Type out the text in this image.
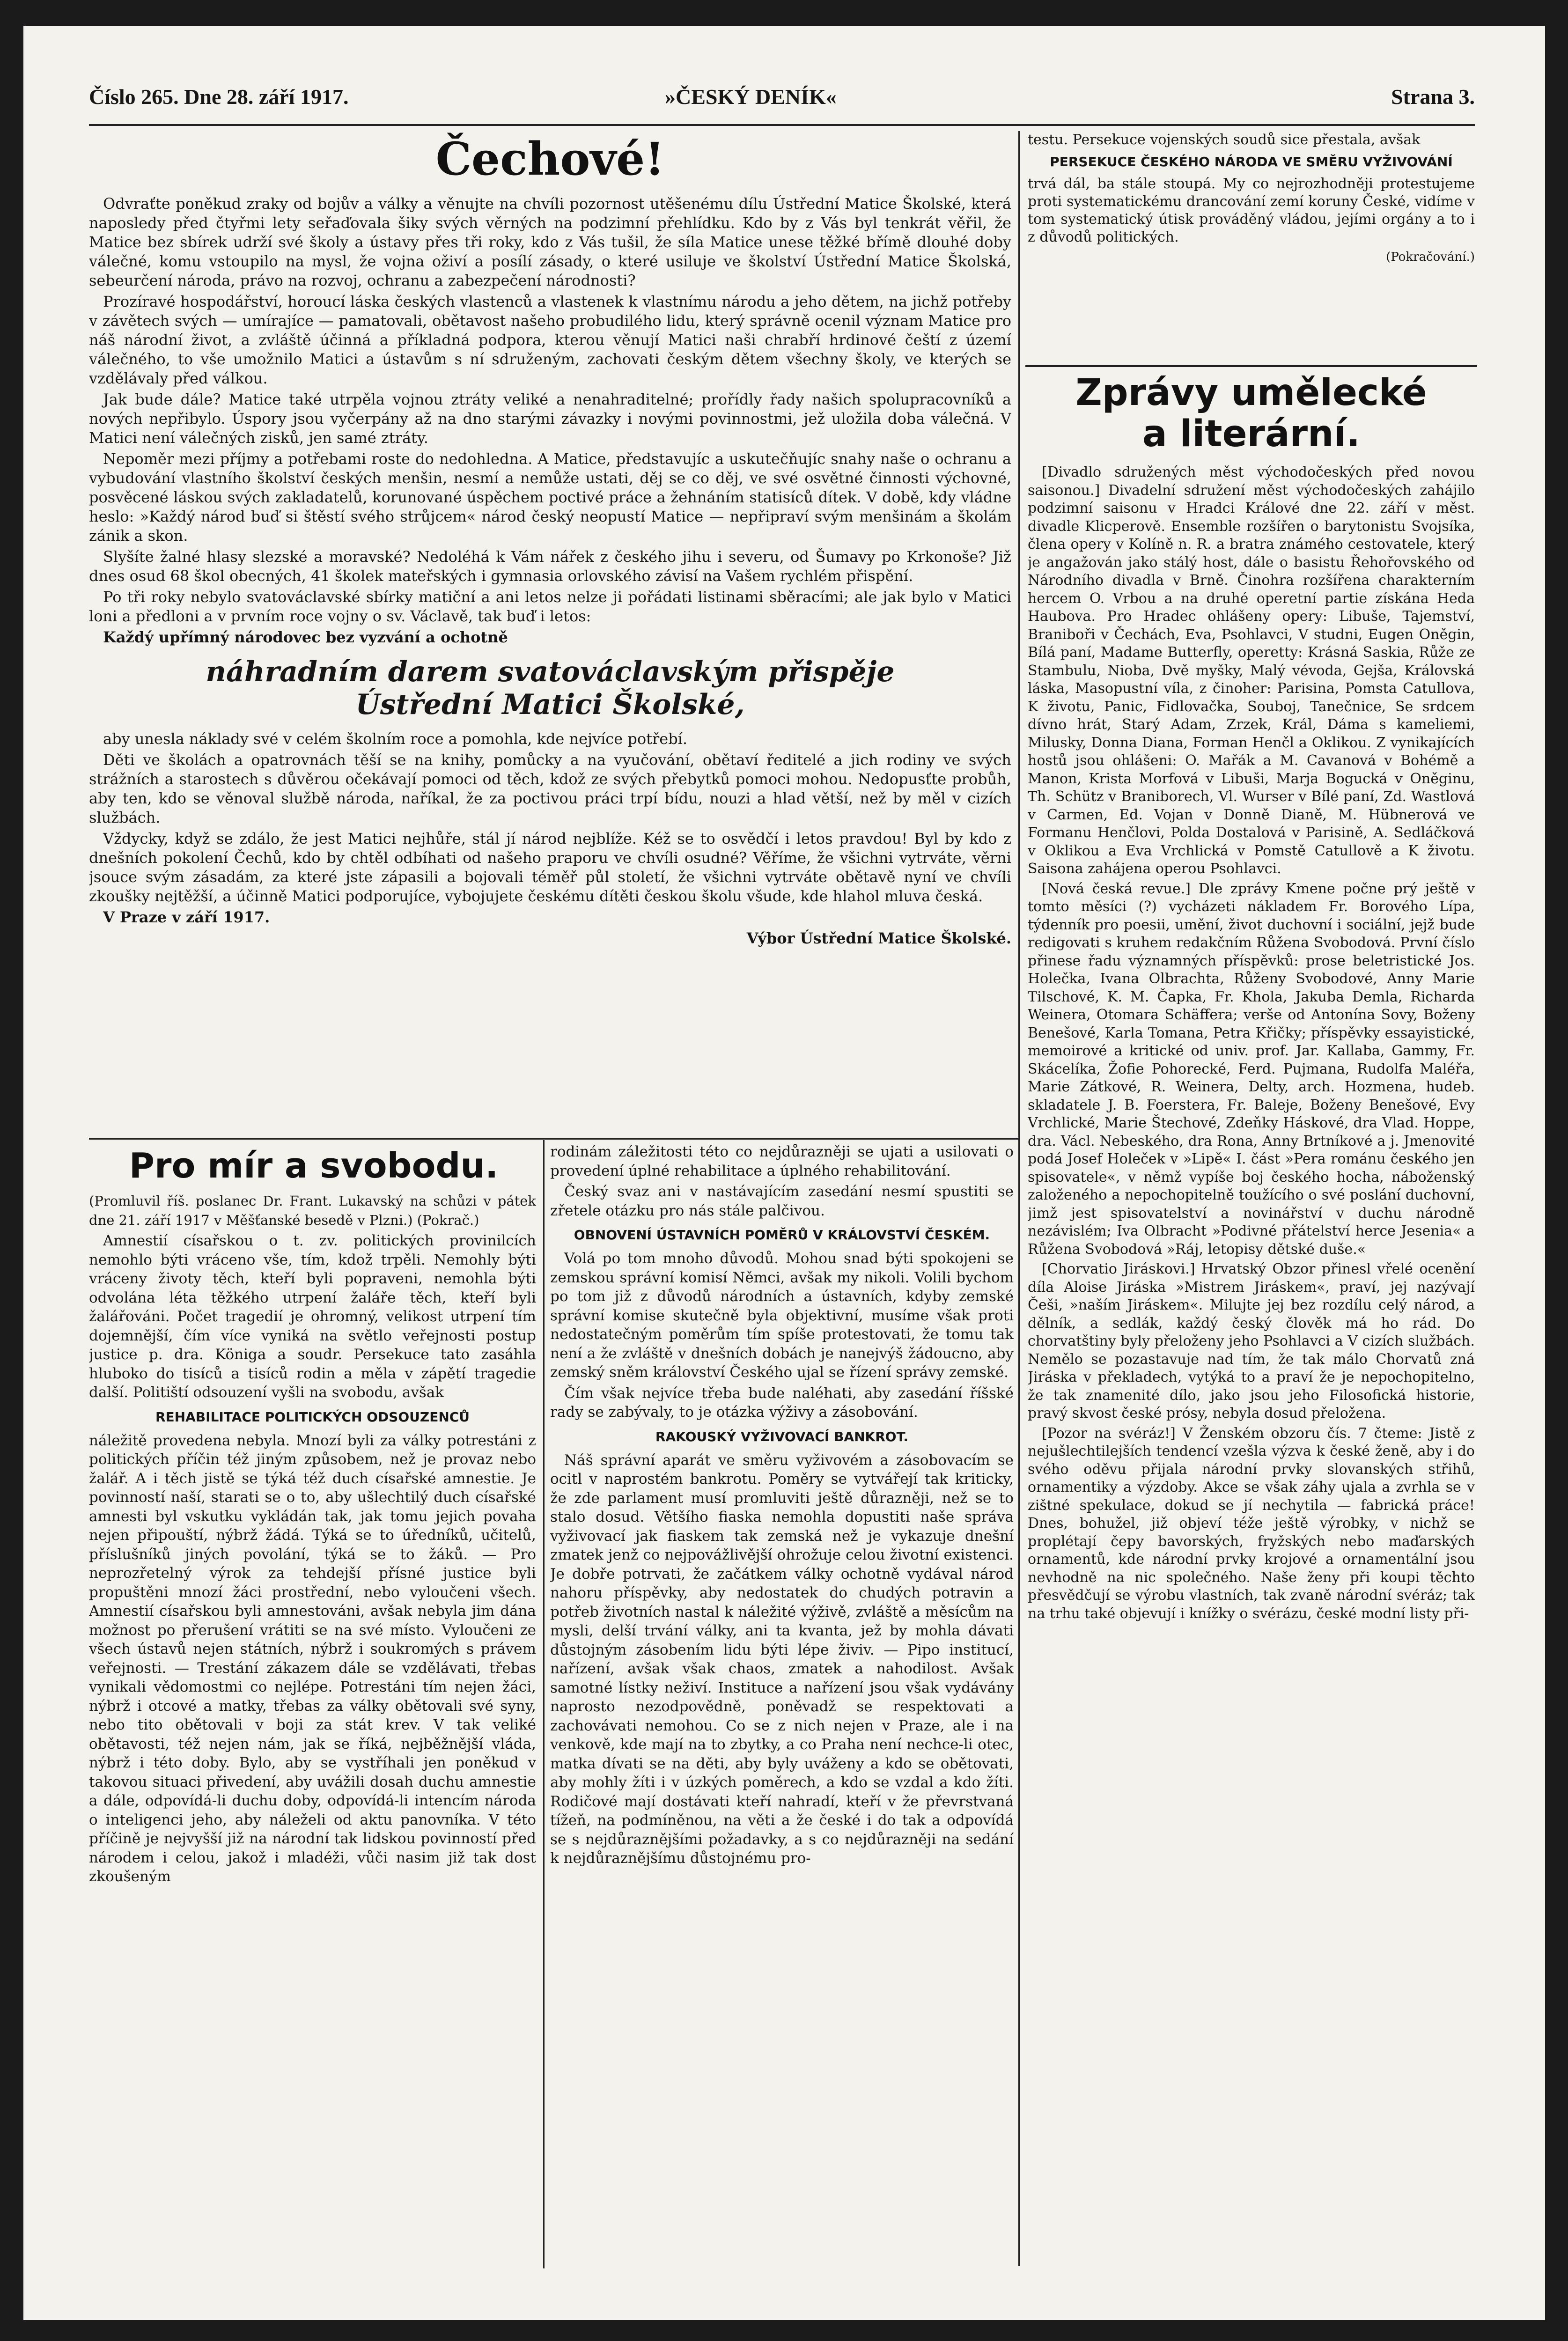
Číslo 265. Dne 28. září 1917.	»ČESKÝ DENÍK«	Strana 3.
Čechové!

Odvraťte poněkud zraky od bojův a války a věnujte na chvíli pozornost utěšenému dílu Ústřední Matice Školské, která naposledy před čtyřmi lety seřaďovala šiky svých věrných na podzimní přehlídku. Kdo by z Vás byl tenkrát věřil, že Matice bez sbírek udrží své školy a ústavy přes tři roky, kdo z Vás tušil, že síla Matice unese těžké břímě dlouhé doby válečné, komu vstoupilo na mysl, že vojna oživí a posílí zásady, o které usiluje ve školství Ústřední Matice Školská, sebeurčení národa, právo na rozvoj, ochranu a zabezpečení národnosti?

Prozíravé hospodářství, horoucí láska českých vlastenců a vlastenek k vlastnímu národu a jeho dětem, na jichž potřeby v závětech svých — umírajíce — pamatovali, obětavost našeho probudilého lidu, který správně ocenil význam Matice pro náš národní život, a zvláště účinná a příkladná podpora, kterou věnují Matici naši chrabří hrdinové čeští z území válečného, to vše umožnilo Matici a ústavům s ní sdruženým, zachovati českým dětem všechny školy, ve kterých se vzdělávaly před válkou.

Jak bude dále? Matice také utrpěla vojnou ztráty veliké a nenahraditelné; prořídly řady našich spolupracovníků a nových nepřibylo. Úspory jsou vyčerpány až na dno starými závazky i novými povinnostmi, jež uložila doba válečná. V Matici není válečných zisků, jen samé ztráty.

Nepoměr mezi příjmy a potřebami roste do nedohledna. A Matice, představujíc a uskutečňujíc snahy naše o ochranu a vybudování vlastního školství českých menšin, nesmí a nemůže ustati, děj se co děj, ve své osvětné činnosti výchovné, posvěcené láskou svých zakladatelů, korunované úspěchem poctivé práce a žehnáním statisíců dítek. V době, kdy vládne heslo: »Každý národ buď si štěstí svého strůjcem« národ český neopustí Matice — nepřipraví svým menšinám a školám zánik a skon.

Slyšíte žalné hlasy slezské a moravské? Nedoléhá k Vám nářek z českého jihu i severu, od Šumavy po Krkonoše? Již dnes osud 68 škol obecných, 41 školek mateřských i gymnasia orlovského závisí na Vašem rychlém přispění.

Po tři roky nebylo svatováclavské sbírky matiční a ani letos nelze ji pořádati listinami sběracími; ale jak bylo v Matici loni a předloni a v prvním roce vojny o sv. Václavě, tak buď i letos:

Každý upřímný národovec bez vyzvání a ochotně

náhradním darem svatováclavským přispěje Ústřední Matici Školské,

aby unesla náklady své v celém školním roce a pomohla, kde nejvíce potřebí.

Děti ve školách a opatrovnách těší se na knihy, pomůcky a na vyučování, obětaví ředitelé a jich rodiny ve svých strážních a starostech s důvěrou očekávají pomoci od těch, kdož ze svých přebytků pomoci mohou. Nedopusťte probůh, aby ten, kdo se věnoval službě národa, naříkal, že za poctivou práci trpí bídu, nouzi a hlad větší, než by měl v cizích službách.

Vždycky, když se zdálo, že jest Matici nejhůře, stál jí národ nejblíže. Kéž se to osvědčí i letos pravdou! Byl by kdo z dnešních pokolení Čechů, kdo by chtěl odbíhati od našeho praporu ve chvíli osudné? Věříme, že všichni vytrváte, věrni jsouce svým zásadám, za které jste zápasili a bojovali téměř půl století, že všichni vytrváte obětavě nyní ve chvíli zkoušky nejtěžší, a účinně Matici podporujíce, vybojujete českému dítěti českou školu všude, kde hlahol mluva česká.

V Praze v září 1917.

Výbor Ústřední Matice Školské.

testu. Persekuce vojenských soudů sice přestala, avšak

PERSEKUCE ČESKÉHO NÁRODA VE SMĚRU VYŽIVOVÁNÍ

trvá dál, ba stále stoupá. My co nejrozhodněji protestujeme proti systematickému drancování zemí koruny České, vidíme v tom systematický útisk prováděný vládou, jejími orgány a to i z důvodů politických.

(Pokračování.)
Zprávy umělecké
a literární.

[Divadlo sdružených měst východočeských před novou saisonou.] Divadelní sdružení měst východočeských zahájilo podzimní saisonu v Hradci Králové dne 22. září v měst. divadle Klicperově. Ensemble rozšířen o barytonistu Svojsíka, člena opery v Kolíně n. R. a bratra známého cestovatele, který je angažován jako stálý host, dále o basistu Řehořovského od Národního divadla v Brně. Činohra rozšířena charakterním hercem O. Vrbou a na druhé operetní partie získána Heda Haubova. Pro Hradec ohlášeny opery: Libuše, Tajemství, Braniboři v Čechách, Eva, Psohlavci, V studni, Eugen Oněgin, Bílá paní, Madame Butterfly, operetty: Krásná Saskia, Růže ze Stambulu, Nioba, Dvě myšky, Malý vévoda, Gejša, Královská láska, Masopustní víla, z činoher: Parisina, Pomsta Catullova, K životu, Panic, Fidlovačka, Souboj, Tanečnice, Se srdcem dívno hrát, Starý Adam, Zrzek, Král, Dáma s kameliemi, Milusky, Donna Diana, Forman Henčl a Oklikou. Z vynikajících hostů jsou ohlášeni: O. Mařák a M. Cavanová v Bohémě a Manon, Krista Morfová v Libuši, Marja Bogucká v Oněginu, Th. Schütz v Braniborech, Vl. Wurser v Bílé paní, Zd. Wastlová v Carmen, Ed. Vojan v Donně Dianě, M. Hübnerová ve Formanu Henčlovi, Polda Dostalová v Parisině, A. Sedláčková v Oklikou a Eva Vrchlická v Pomstě Catullově a K životu. Saisona zahájena operou Psohlavci.

[Nová česká revue.] Dle zprávy Kmene počne prý ještě v tomto měsíci (?) vycházeti nákladem Fr. Borového Lípa, týdenník pro poesii, umění, život duchovní i sociální, jejž bude redigovati s kruhem redakčním Růžena Svobodová. První číslo přinese řadu významných příspěvků: prose beletristické Jos. Holečka, Ivana Olbrachta, Růženy Svobodové, Anny Marie Tilschové, K. M. Čapka, Fr. Khola, Jakuba Demla, Richarda Weinera, Otomara Schäffera; verše od Antonína Sovy, Boženy Benešové, Karla Tomana, Petra Křičky; příspěvky essayistické, memoirové a kritické od univ. prof. Jar. Kallaba, Gammy, Fr. Skácelíka, Žofie Pohorecké, Ferd. Pujmana, Rudolfa Maléřa, Marie Zátkové, R. Weinera, Delty, arch. Hozmena, hudeb. skladatele J. B. Foerstera, Fr. Baleje, Boženy Benešové, Evy Vrchlické, Marie Štechové, Zdeňky Háskové, dra Vlad. Hoppe, dra. Václ. Nebeského, dra Rona, Anny Brtníkové a j. Jmenovité podá Josef Holeček v »Lipě« I. část »Pera románu českého jen spisovatele«, v němž vypíše boj českého hocha, náboženský založeného a nepochopitelně toužícího o své poslání duchovní, jimž jest spisovatelství a novinářství v duchu národně nezávislém; Iva Olbracht »Podivné přátelství herce Jesenia« a Růžena Svobodová »Ráj, letopisy dětské duše.«

[Chorvatio Jiráskovi.] Hrvatský Obzor přinesl vřelé ocenění díla Aloise Jiráska »Mistrem Jiráskem«, praví, jej nazývají Češi, »naším Jiráskem«. Milujte jej bez rozdílu celý národ, a dělník, a sedlák, každý český člověk má ho rád. Do chorvatštiny byly přeloženy jeho Psohlavci a V cizích službách. Nemělo se pozastavuje nad tím, že tak málo Chorvatů zná Jiráska v překladech, vytýká to a praví že je nepochopitelno, že tak znamenité dílo, jako jsou jeho Filosofická historie, pravý skvost české prósy, nebyla dosud přeložena.

[Pozor na svéráz!] V Ženském obzoru čís. 7 čteme: Jistě z nejušlechtilejších tendencí vzešla výzva k české ženě, aby i do svého oděvu přijala národní prvky slovanských střihů, ornamentiky a výzdoby. Akce se však záhy ujala a zvrhla se v zištné spekulace, dokud se jí nechytila — fabrická práce! Dnes, bohužel, již objeví téže ještě výrobky, v nichž se proplétají čepy bavorských, fryžských nebo maďarských ornamentů, kde národní prvky krojové a ornamentální jsou nevhodně na nic společného. Naše ženy při koupi těchto přesvědčují se výrobu vlastních, tak zvaně národní svéráz; tak na trhu také objevují i knížky o svérázu, české modní listy při-

Pro mír a svobodu.

(Promluvil říš. poslanec Dr. Frant. Lukavský na schůzi v pátek dne 21. září 1917 v Měšťanské besedě v Plzni.) (Pokrač.)

Amnestií císařskou o t. zv. politických provinilcích nemohlo býti vráceno vše, tím, kdož trpěli. Nemohly býti vráceny životy těch, kteří byli popraveni, nemohla býti odvolána léta těžkého utrpení žaláře těch, kteří byli žalářováni. Počet tragedií je ohromný, velikost utrpení tím dojemnější, čím více vyniká na světlo veřejnosti postup justice p. dra. Königa a soudr. Persekuce tato zasáhla hluboko do tisíců a tisíců rodin a měla v zápětí tragedie další. Politiští odsouzení vyšli na svobodu, avšak

REHABILITACE POLITICKÝCH ODSOUZENCŮ

náležitě provedena nebyla. Mnozí byli za války potrestáni z politických příčin též jiným způsobem, než je provaz nebo žalář. A i těch jistě se týká též duch císařské amnestie. Je povinností naší, starati se o to, aby ušlechtilý duch císařské amnesti byl vskutku vykládán tak, jak tomu jejich povaha nejen připouští, nýbrž žádá. Týká se to úředníků, učitelů, příslušníků jiných povolání, týká se to žáků. — Pro neprozřetelný výrok za tehdejší přísné justice byli propuštěni mnozí žáci prostřední, nebo vyloučeni všech. Amnestií císařskou byli amnestováni, avšak nebyla jim dána možnost po přerušení vrátiti se na své místo. Vyloučeni ze všech ústavů nejen státních, nýbrž i soukromých s právem veřejnosti. — Trestání zákazem dále se vzdělávati, třebas vynikali vědomostmi co nejlépe. Potrestáni tím nejen žáci, nýbrž i otcové a matky, třebas za války obětovali své syny, nebo tito obětovali v boji za stát krev. V tak veliké obětavosti, též nejen nám, jak se říká, nejběžnější vláda, nýbrž i této doby. Bylo, aby se vystříhali jen poněkud v takovou situaci přivedení, aby uvážili dosah duchu amnestie a dále, odpovídá-li duchu doby, odpovídá-li intencím národa o inteligenci jeho, aby náleželi od aktu panovníka. V této příčině je nejvyšší již na národní tak lidskou povinností před národem i celou, jakož i mladéži, vůči nasim již tak dost zkoušeným

rodinám záležitosti této co nejdůrazněji se ujati a usilovati o provedení úplné rehabilitace a úplného rehabilitování.

Český svaz ani v nastávajícím zasedání nesmí spustiti se zřetele otázku pro nás stále palčivou.

OBNOVENÍ ÚSTAVNÍCH POMĚRŮ V KRÁLOVSTVÍ ČESKÉM.

Volá po tom mnoho důvodů. Mohou snad býti spokojeni se zemskou správní komisí Němci, avšak my nikoli. Volili bychom po tom již z důvodů národních a ústavních, kdyby zemské správní komise skutečně byla objektivní, musíme však proti nedostatečným poměrům tím spíše protestovati, že tomu tak není a že zvláště v dnešních dobách je nanejvýš žádoucno, aby zemský sněm království Českého ujal se řízení správy zemské.

Čím však nejvíce třeba bude naléhati, aby zasedání říšské rady se zabývaly, to je otázka výživy a zásobování.

RAKOUSKÝ VYŽIVOVACÍ BANKROT.

Náš správní aparát ve směru vyživovém a zásobovacím se ocitl v naprostém bankrotu. Poměry se vytvářejí tak kriticky, že zde parlament musí promluviti ještě důrazněji, než se to stalo dosud. Většího fiaska nemohla dopustiti naše správa vyživovací jak fiaskem tak zemská než je vykazuje dnešní zmatek jenž co nejpovážlivější ohrožuje celou životní existenci. Je dobře potrvati, že začátkem války ochotně vydával národ nahoru příspěvky, aby nedostatek do chudých potravin a potřeb životních nastal k náležité výživě, zvláště a měsícům na mysli, delší trvání války, ani ta kvanta, jež by mohla dávati důstojným zásobením lidu býti lépe živiv. — Pipo institucí, nařízení, avšak však chaos, zmatek a nahodilost. Avšak samotné lístky neživí. Instituce a nařízení jsou však vydávány naprosto nezodpovědně, poněvadž se respektovati a zachovávati nemohou. Co se z nich nejen v Praze, ale i na venkově, kde mají na to zbytky, a co Praha není nechce-li otec, matka dívati se na děti, aby byly uváženy a kdo se obětovati, aby mohly žíti i v úzkých poměrech, a kdo se vzdal a kdo žíti. Rodičové mají dostávati kteří nahradí, kteří v že převrstvaná tížeň, na podmíněnou, na věti a že české i do tak a odpovídá se s nejdůraznějšími požadavky, a s co nejdůrazněji na sedání k nejdůraznějšímu důstojnému pro-
